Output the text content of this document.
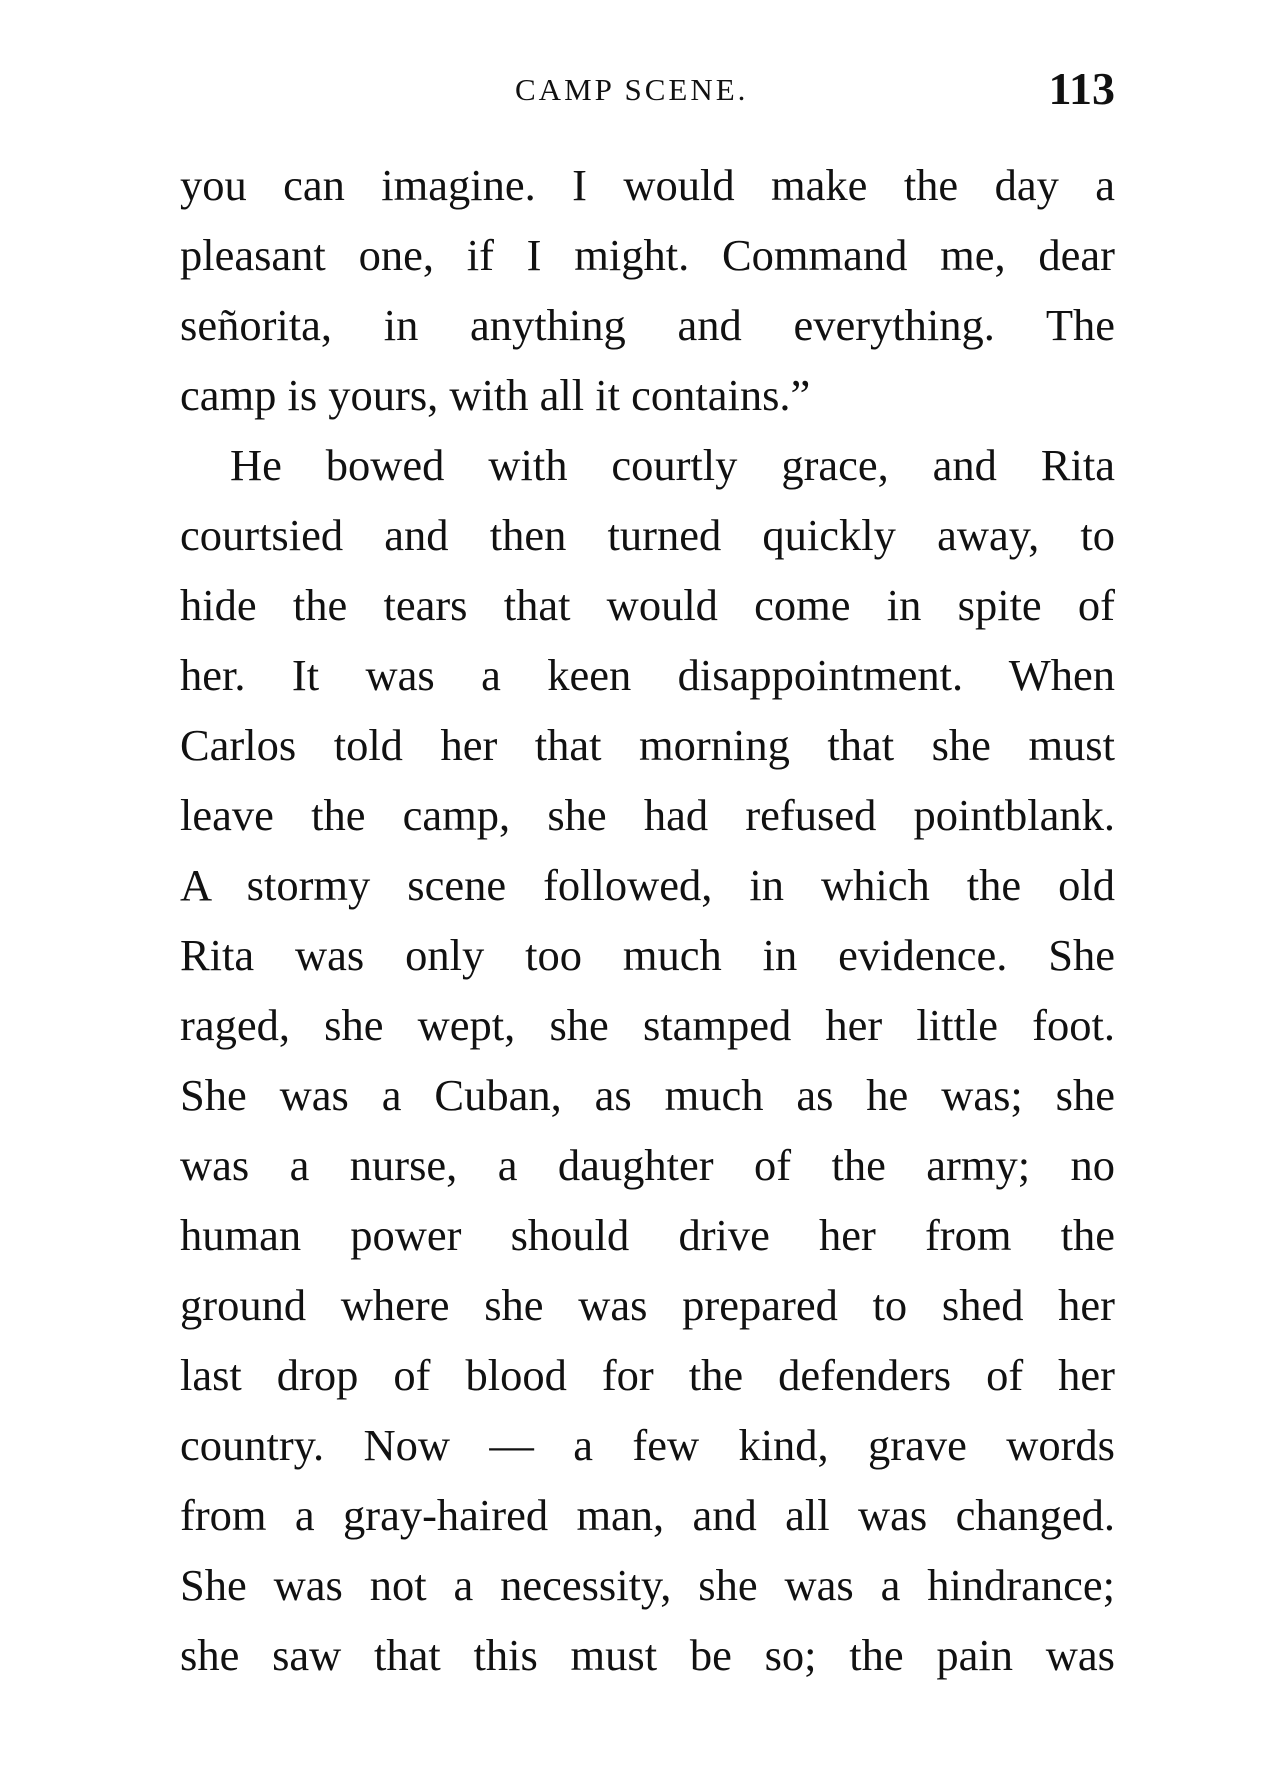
CAMP SCENE.	113
you can imagine. I would make the day a
pleasant one, if I might. Command me, dear
señorita, in anything and everything. The
camp is yours, with all it contains.”
He bowed with courtly grace, and Rita
courtsied and then turned quickly away, to
hide the tears that would come in spite of
her. It was a keen disappointment. When
Carlos told her that morning that she must
leave the camp, she had refused pointblank.
A stormy scene followed, in which the old
Rita was only too much in evidence. She
raged, she wept, she stamped her little foot.
She was a Cuban, as much as he was; she
was a nurse, a daughter of the army; no
human power should drive her from the
ground where she was prepared to shed her
last drop of blood for the defenders of her
country. Now — a few kind, grave words
from a gray-haired man, and all was changed.
She was not a necessity, she was a hindrance;
she saw that this must be so; the pain was
